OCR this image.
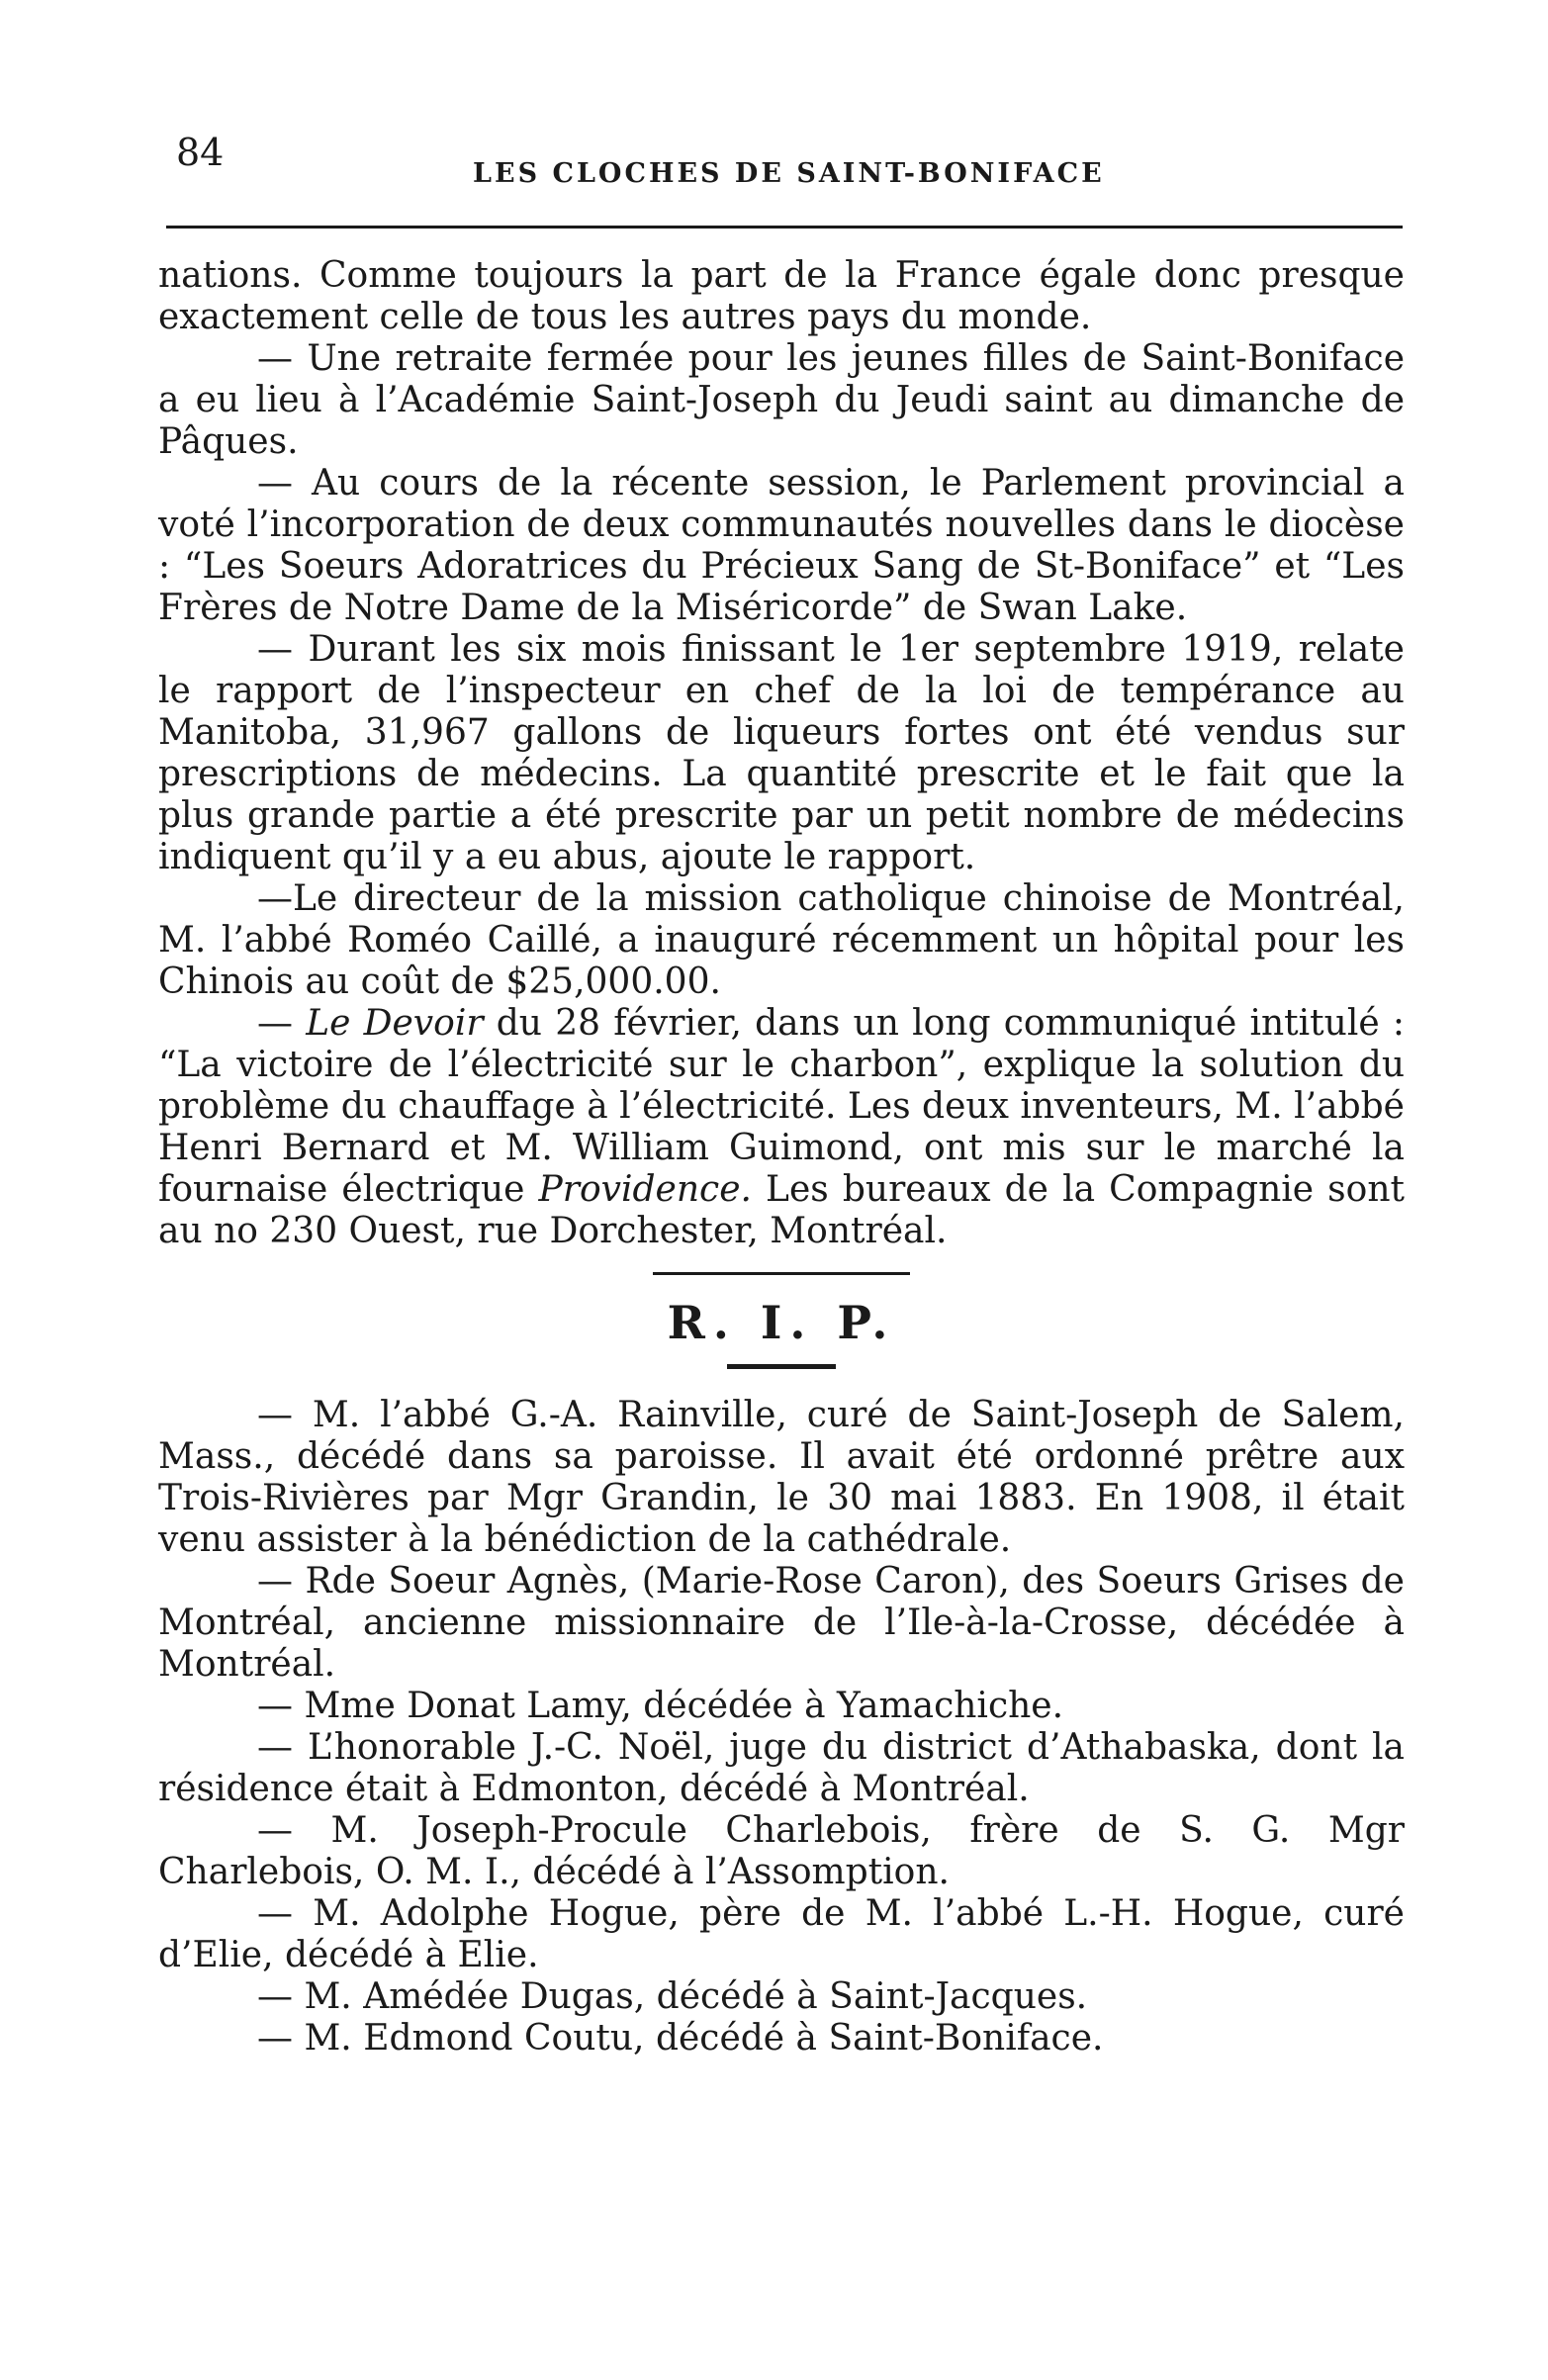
84	LES CLOCHES DE SAINT-BONIFACE

nations. Comme toujours la part de la France égale donc presque exactement celle de tous les autres pays du monde.

— Une retraite fermée pour les jeunes filles de Saint-Boniface a eu lieu à l’Académie Saint-Joseph du Jeudi saint au dimanche de Pâques.

— Au cours de la récente session, le Parlement provincial a voté l’incorporation de deux communautés nouvelles dans le diocèse : “Les Soeurs Adoratrices du Précieux Sang de St-Boniface” et “Les Frères de Notre Dame de la Miséricorde” de Swan Lake.

— Durant les six mois finissant le 1er septembre 1919, relate le rapport de l’inspecteur en chef de la loi de tempérance au Manitoba, 31,967 gallons de liqueurs fortes ont été vendus sur prescriptions de médecins. La quantité prescrite et le fait que la plus grande partie a été prescrite par un petit nombre de médecins indiquent qu’il y a eu abus, ajoute le rapport.

—Le directeur de la mission catholique chinoise de Montréal, M. l’abbé Roméo Caillé, a inauguré récemment un hôpital pour les Chinois au coût de $25,000.00.

— Le Devoir du 28 février, dans un long communiqué intitulé : “La victoire de l’électricité sur le charbon”, explique la solution du problème du chauffage à l’électricité. Les deux inventeurs, M. l’abbé Henri Bernard et M. William Guimond, ont mis sur le marché la fournaise électrique Providence. Les bureaux de la Compagnie sont au no 230 Ouest, rue Dorchester, Montréal.

R. I. P.

— M. l’abbé G.-A. Rainville, curé de Saint-Joseph de Salem, Mass., décédé dans sa paroisse. Il avait été ordonné prêtre aux Trois-Rivières par Mgr Grandin, le 30 mai 1883. En 1908, il était venu assister à la bénédiction de la cathédrale.

— Rde Soeur Agnès, (Marie-Rose Caron), des Soeurs Grises de Montréal, ancienne missionnaire de l’Ile-à-la-Crosse, décédée à Montréal.

— Mme Donat Lamy, décédée à Yamachiche.

— L’honorable J.-C. Noël, juge du district d’Athabaska, dont la résidence était à Edmonton, décédé à Montréal.

— M. Joseph-Procule Charlebois, frère de S. G. Mgr Charlebois, O. M. I., décédé à l’Assomption.

— M. Adolphe Hogue, père de M. l’abbé L.-H. Hogue, curé d’Elie, décédé à Elie.

— M. Amédée Dugas, décédé à Saint-Jacques.

— M. Edmond Coutu, décédé à Saint-Boniface.
